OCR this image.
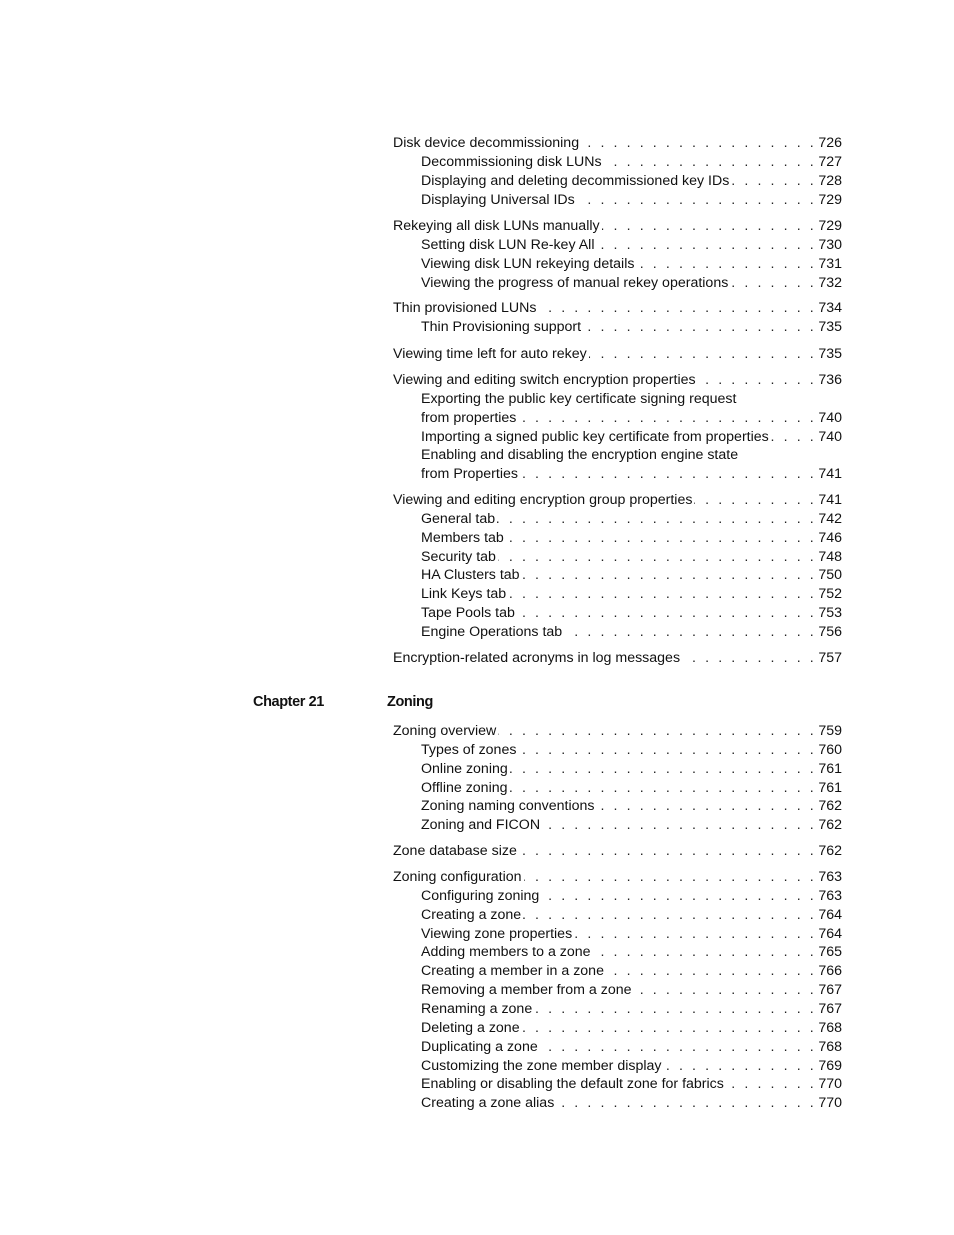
Disk device decommissioning . . .	726
Decommissioning disk LUNs . . .	727
Displaying and deleting decommissioned key IDs . . .	728
Displaying Universal IDs . . .	729
Rekeying all disk LUNs manually . . .	729
Setting disk LUN Re-key All . . .	730
Viewing disk LUN rekeying details . . .	731
Viewing the progress of manual rekey operations . . .	732
Thin provisioned LUNs . . .	734
Thin Provisioning support . . .	735
Viewing time left for auto rekey . . .	735
Viewing and editing switch encryption properties . . .	736
Exporting the public key certificate signing request
from properties . . .	740
Importing a signed public key certificate from properties . . .	740
Enabling and disabling the encryption engine state
from Properties . . .	741
Viewing and editing encryption group properties . . .	741
General tab . . .	742
Members tab . . .	746
Security tab . . .	748
HA Clusters tab . . .	750
Link Keys tab . . .	752
Tape Pools tab . . .	753
Engine Operations tab . . .	756
Encryption-related acronyms in log messages . . .	757
Chapter 21	Zoning
Zoning overview . . .	759
Types of zones . . .	760
Online zoning . . .	761
Offline zoning . . .	761
Zoning naming conventions . . .	762
Zoning and FICON . . .	762
Zone database size . . .	762
Zoning configuration . . .	763
Configuring zoning . . .	763
Creating a zone . . .	764
Viewing zone properties . . .	764
Adding members to a zone . . .	765
Creating a member in a zone . . .	766
Removing a member from a zone . . .	767
Renaming a zone . . .	767
Deleting a zone . . .	768
Duplicating a zone . . .	768
Customizing the zone member display . . .	769
Enabling or disabling the default zone for fabrics . . .	770
Creating a zone alias . . .	770
